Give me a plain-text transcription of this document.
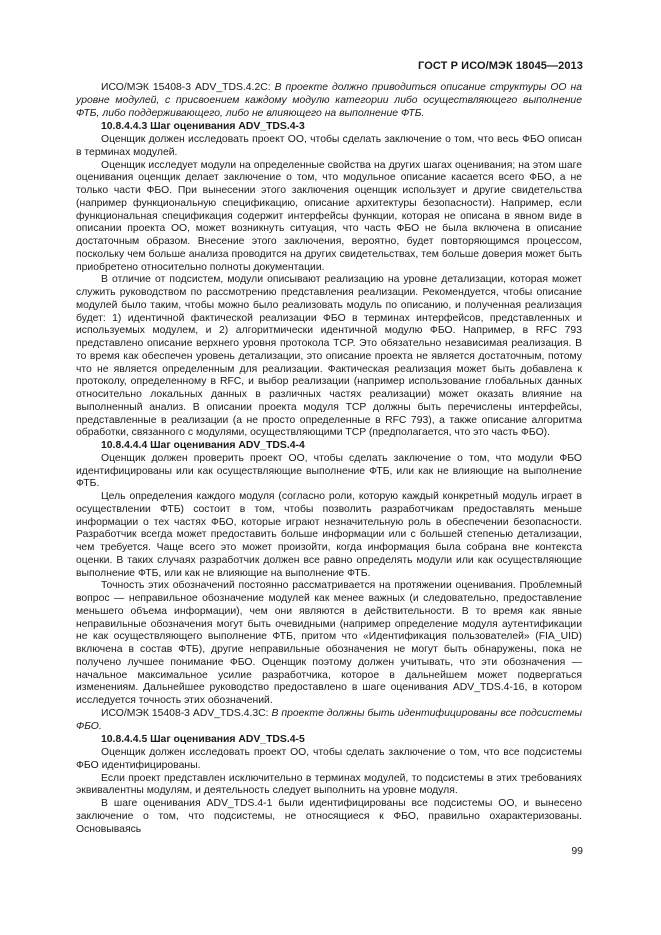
ГОСТ Р ИСО/МЭК 18045—2013

ИСО/МЭК 15408-3 ADV_TDS.4.2С: В проекте должно приводиться описание структуры ОО на уровне модулей, с присвоением каждому модулю категории либо осуществляющего выполнение ФТБ, либо поддерживающего, либо не влияющего на выполнение ФТБ.

10.8.4.4.3 Шаг оценивания ADV_TDS.4-3

Оценщик должен исследовать проект ОО, чтобы сделать заключение о том, что весь ФБО описан в терминах модулей.

Оценщик исследует модули на определенные свойства на других шагах оценивания; на этом шаге оценивания оценщик делает заключение о том, что модульное описание касается всего ФБО, а не только части ФБО. При вынесении этого заключения оценщик использует и другие свидетельства (например функциональную спецификацию, описание архитектуры безопасности). Например, если функциональная спецификация содержит интерфейсы функции, которая не описана в явном виде в описании проекта ОО, может возникнуть ситуация, что часть ФБО не была включена в описание достаточным образом. Внесение этого заключения, вероятно, будет повторяющимся процессом, поскольку чем больше анализа проводится на других свидетельствах, тем больше доверия может быть приобретено относительно полноты документации.

В отличие от подсистем, модули описывают реализацию на уровне детализации, которая может служить руководством по рассмотрению представления реализации. Рекомендуется, чтобы описание модулей было таким, чтобы можно было реализовать модуль по описанию, и полученная реализация будет: 1) идентичной фактической реализации ФБО в терминах интерфейсов, представленных и используемых модулем, и 2) алгоритмически идентичной модулю ФБО. Например, в RFC 793 представлено описание верхнего уровня протокола TCP. Это обязательно независимая реализация. В то время как обеспечен уровень детализации, это описание проекта не является достаточным, потому что не является определенным для реализации. Фактическая реализация может быть добавлена к протоколу, определенному в RFC, и выбор реализации (например использование глобальных данных относительно локальных данных в различных частях реализации) может оказать влияние на выполненный анализ. В описании проекта модуля TCP должны быть перечислены интерфейсы, представленные в реализации (а не просто определенные в RFC 793), а также описание алгоритма обработки, связанного с модулями, осуществляющими TCP (предполагается, что это часть ФБО).

10.8.4.4.4 Шаг оценивания ADV_TDS.4-4

Оценщик должен проверить проект ОО, чтобы сделать заключение о том, что модули ФБО идентифицированы или как осуществляющие выполнение ФТБ, или как не влияющие на выполнение ФТБ.

Цель определения каждого модуля (согласно роли, которую каждый конкретный модуль играет в осуществлении ФТБ) состоит в том, чтобы позволить разработчикам предоставлять меньше информации о тех частях ФБО, которые играют незначительную роль в обеспечении безопасности. Разработчик всегда может предоставить больше информации или с большей степенью детализации, чем требуется. Чаще всего это может произойти, когда информация была собрана вне контекста оценки. В таких случаях разработчик должен все равно определять модули или как осуществляющие выполнение ФТБ, или как не влияющие на выполнение ФТБ.

Точность этих обозначений постоянно рассматривается на протяжении оценивания. Проблемный вопрос — неправильное обозначение модулей как менее важных (и следовательно, предоставление меньшего объема информации), чем они являются в действительности. В то время как явные неправильные обозначения могут быть очевидными (например определение модуля аутентификации не как осуществляющего выполнение ФТБ, притом что «Идентификация пользователей» (FIA_UID) включена в состав ФТБ), другие неправильные обозначения не могут быть обнаружены, пока не получено лучшее понимание ФБО. Оценщик поэтому должен учитывать, что эти обозначения — начальное максимальное усилие разработчика, которое в дальнейшем может подвергаться изменениям. Дальнейшее руководство предоставлено в шаге оценивания ADV_TDS.4-16, в котором исследуется точность этих обозначений.

ИСО/МЭК 15408-3 ADV_TDS.4.3С: В проекте должны быть идентифицированы все подсистемы ФБО.

10.8.4.4.5 Шаг оценивания ADV_TDS.4-5

Оценщик должен исследовать проект ОО, чтобы сделать заключение о том, что все подсистемы ФБО идентифицированы.

Если проект представлен исключительно в терминах модулей, то подсистемы в этих требованиях эквивалентны модулям, и деятельность следует выполнить на уровне модуля.

В шаге оценивания ADV_TDS.4-1 были идентифицированы все подсистемы ОО, и вынесено заключение о том, что подсистемы, не относящиеся к ФБО, правильно охарактеризованы. Основываясь

99
